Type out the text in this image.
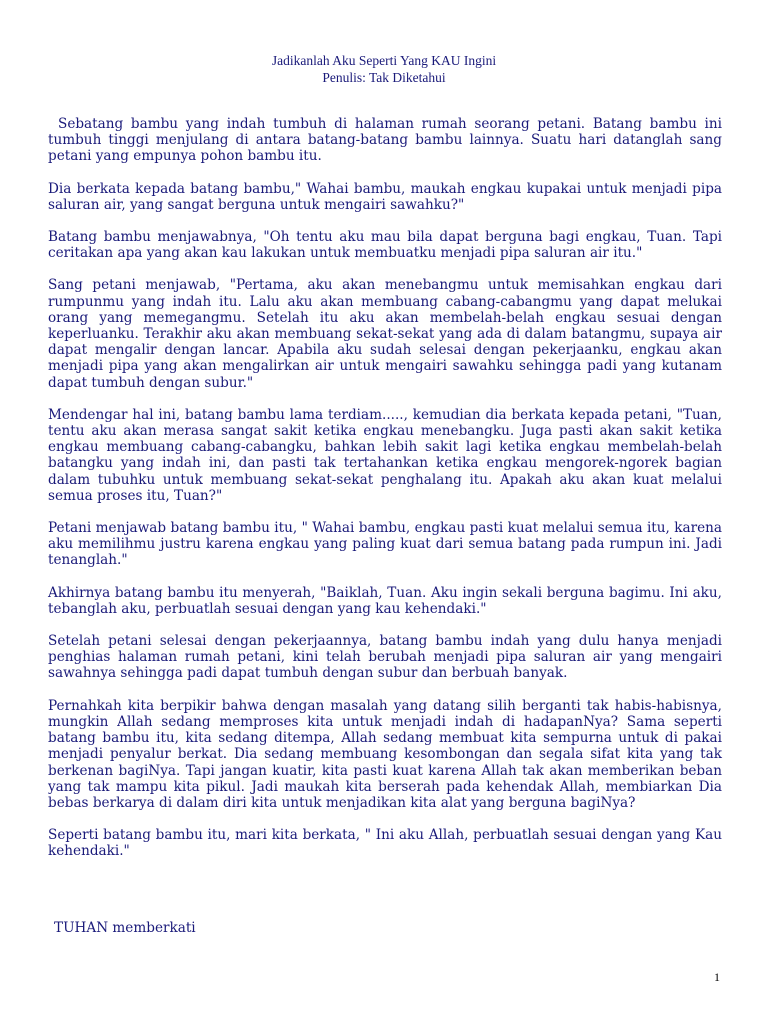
Jadikanlah Aku Seperti Yang KAU Ingini
Penulis: Tak Diketahui

Sebatang bambu yang indah tumbuh di halaman rumah seorang petani. Batang bambu ini tumbuh tinggi menjulang di antara batang-batang bambu lainnya. Suatu hari datanglah sang petani yang empunya pohon bambu itu.

Dia berkata kepada batang bambu," Wahai bambu, maukah engkau kupakai untuk menjadi pipa saluran air, yang sangat berguna untuk mengairi sawahku?"

Batang bambu menjawabnya, "Oh tentu aku mau bila dapat berguna bagi engkau, Tuan. Tapi ceritakan apa yang akan kau lakukan untuk membuatku menjadi pipa saluran air itu."

Sang petani menjawab, "Pertama, aku akan menebangmu untuk memisahkan engkau dari rumpunmu yang indah itu. Lalu aku akan membuang cabang-cabangmu yang dapat melukai orang yang memegangmu. Setelah itu aku akan membelah-belah engkau sesuai dengan keperluanku. Terakhir aku akan membuang sekat-sekat yang ada di dalam batangmu, supaya air dapat mengalir dengan lancar. Apabila aku sudah selesai dengan pekerjaanku, engkau akan menjadi pipa yang akan mengalirkan air untuk mengairi sawahku sehingga padi yang kutanam dapat tumbuh dengan subur."

Mendengar hal ini, batang bambu lama terdiam....., kemudian dia berkata kepada petani, "Tuan, tentu aku akan merasa sangat sakit ketika engkau menebangku. Juga pasti akan sakit ketika engkau membuang cabang-cabangku, bahkan lebih sakit lagi ketika engkau membelah-belah batangku yang indah ini, dan pasti tak tertahankan ketika engkau mengorek-ngorek bagian dalam tubuhku untuk membuang sekat-sekat penghalang itu. Apakah aku akan kuat melalui semua proses itu, Tuan?"

Petani menjawab batang bambu itu, " Wahai bambu, engkau pasti kuat melalui semua itu, karena aku memilihmu justru karena engkau yang paling kuat dari semua batang pada rumpun ini. Jadi tenanglah."

Akhirnya batang bambu itu menyerah, "Baiklah, Tuan. Aku ingin sekali berguna bagimu. Ini aku, tebanglah aku, perbuatlah sesuai dengan yang kau kehendaki."

Setelah petani selesai dengan pekerjaannya, batang bambu indah yang dulu hanya menjadi penghias halaman rumah petani, kini telah berubah menjadi pipa saluran air yang mengairi sawahnya sehingga padi dapat tumbuh dengan subur dan berbuah banyak.

Pernahkah kita berpikir bahwa dengan masalah yang datang silih berganti tak habis-habisnya, mungkin Allah sedang memproses kita untuk menjadi indah di hadapanNya? Sama seperti batang bambu itu, kita sedang ditempa, Allah sedang membuat kita sempurna untuk di pakai menjadi penyalur berkat. Dia sedang membuang kesombongan dan segala sifat kita yang tak berkenan bagiNya. Tapi jangan kuatir, kita pasti kuat karena Allah tak akan memberikan beban yang tak mampu kita pikul. Jadi maukah kita berserah pada kehendak Allah, membiarkan Dia bebas berkarya di dalam diri kita untuk menjadikan kita alat yang berguna bagiNya?

Seperti batang bambu itu, mari kita berkata, " Ini aku Allah, perbuatlah sesuai dengan yang Kau kehendaki."

TUHAN memberkati
1
